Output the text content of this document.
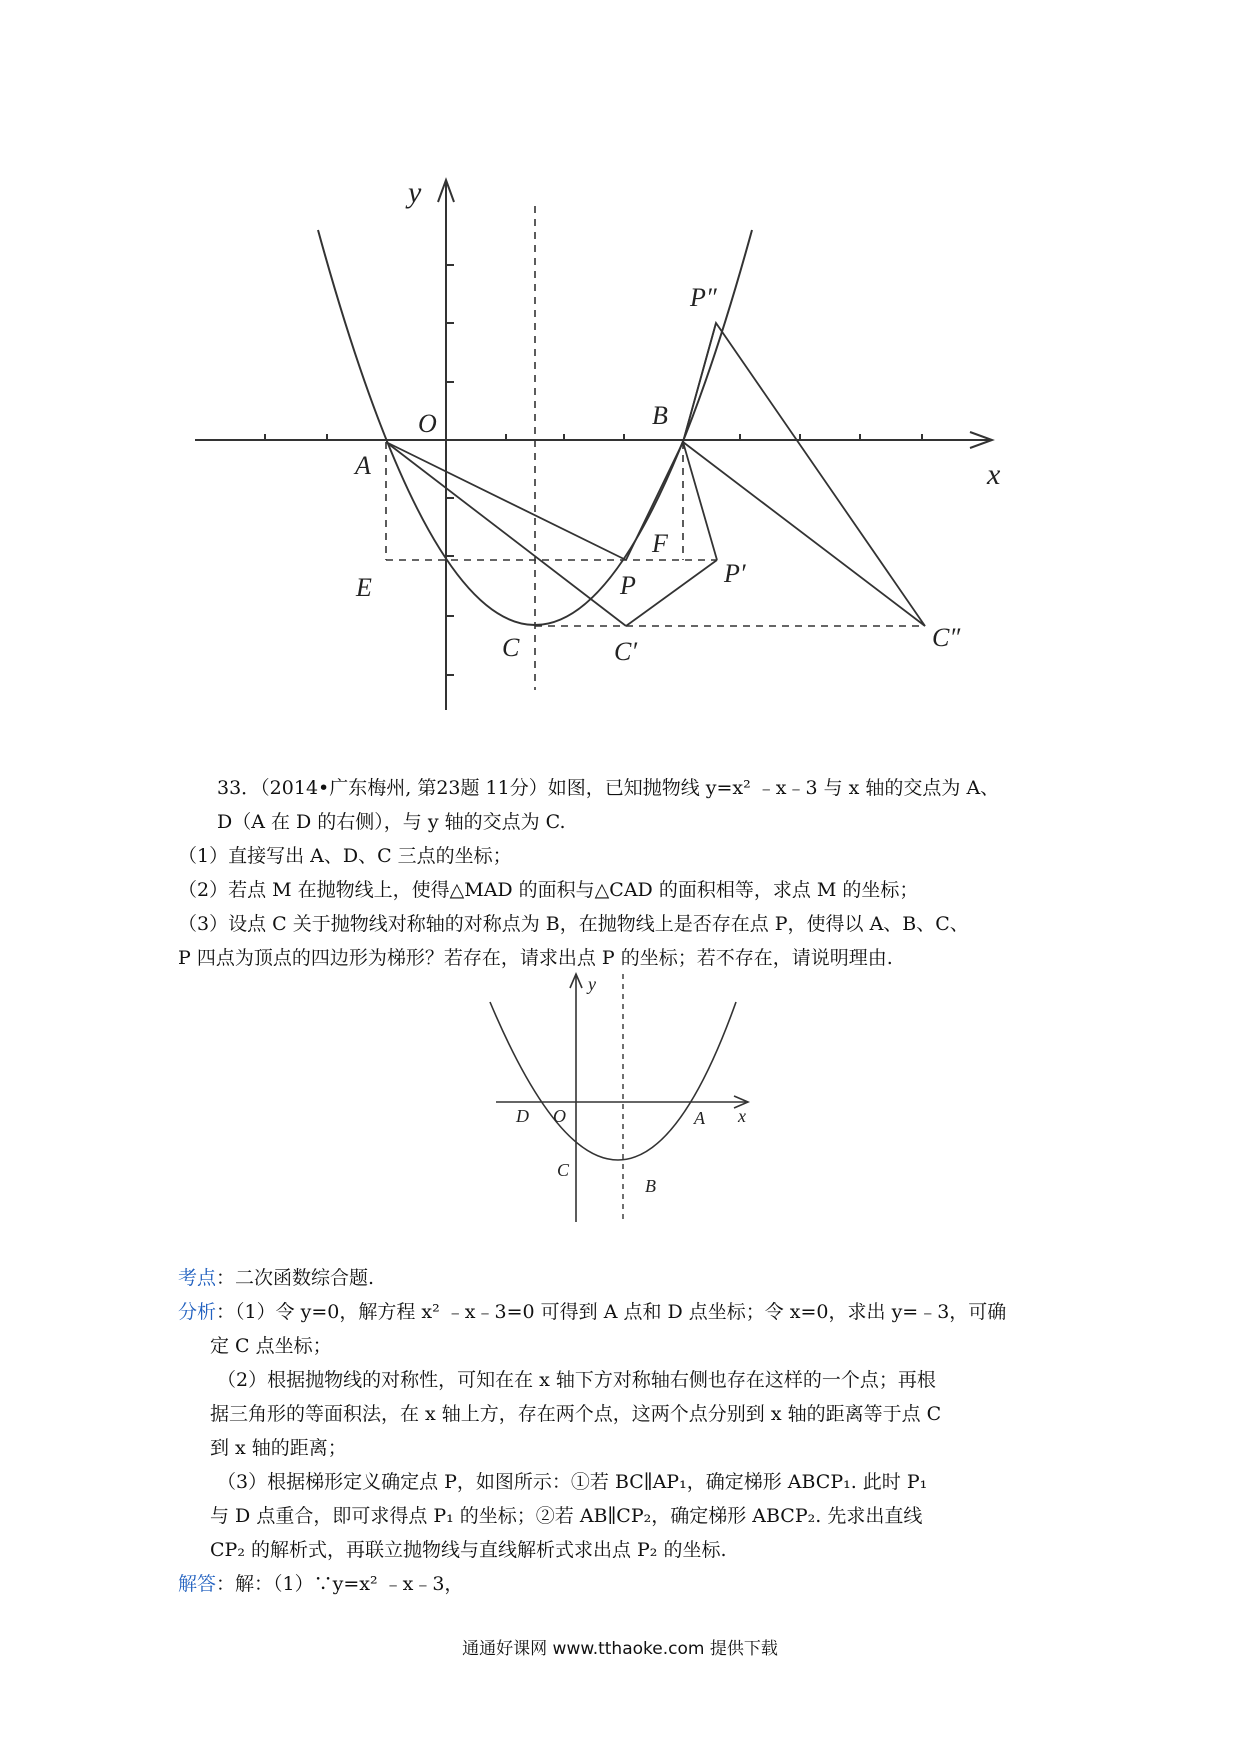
y
x
O
A
B
E
F
P	P′
P″
C	C′	C″
33．（2014•广东梅州, 第23题 11分）如图，已知抛物线 y=x² ﹣x﹣3 与 x 轴的交点为 A、
D（A 在 D 的右侧），与 y 轴的交点为 C.
（1）直接写出 A、D、C 三点的坐标；
（2）若点 M 在抛物线上，使得△MAD 的面积与△CAD 的面积相等，求点 M 的坐标；
（3）设点 C 关于抛物线对称轴的对称点为 B，在抛物线上是否存在点 P，使得以 A、B、C、
P 四点为顶点的四边形为梯形？若存在，请求出点 P 的坐标；若不存在，请说明理由.
y
x
D O	A
C
B
考点：二次函数综合题.
分析：（1）令 y=0，解方程 x² ﹣x﹣3=0 可得到 A 点和 D 点坐标；令 x=0，求出 y=﹣3，可确
定 C 点坐标；
（2）根据抛物线的对称性，可知在在 x 轴下方对称轴右侧也存在这样的一个点；再根
据三角形的等面积法，在 x 轴上方，存在两个点，这两个点分别到 x 轴的距离等于点 C
到 x 轴的距离；
（3）根据梯形定义确定点 P，如图所示：①若 BC∥AP₁，确定梯形 ABCP₁. 此时 P₁
与 D 点重合，即可求得点 P₁ 的坐标；②若 AB∥CP₂，确定梯形 ABCP₂. 先求出直线
CP₂ 的解析式，再联立抛物线与直线解析式求出点 P₂ 的坐标.
解答：解：（1）∵y=x² ﹣x﹣3，
通通好课网 www.tthaoke.com 提供下载
